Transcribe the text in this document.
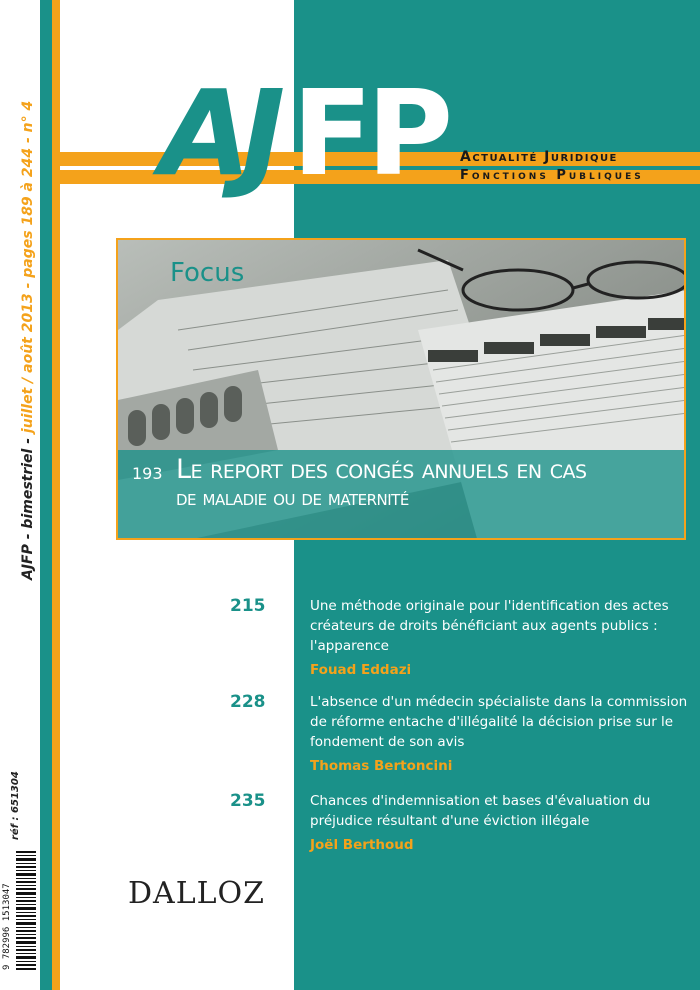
AJ FP Actualité Juridique
Fonctions Publiques
AJFP - bimestriel - juillet / août 2013 - pages 189 à 244 - n° 4
réf : 651304
9 782996 1513047
Focus
193 Le report des congés annuels en cas
de maladie ou de maternité
215	Une méthode originale pour l'identification des actes créateurs de droits bénéficiant aux agents publics : l'apparence
Fouad Eddazi
228	L'absence d'un médecin spécialiste dans la commission de réforme entache d'illégalité la décision prise sur le fondement de son avis
Thomas Bertoncini
235	Chances d'indemnisation et bases d'évaluation du préjudice résultant d'une éviction illégale
Joël Berthoud
DALLOZ
